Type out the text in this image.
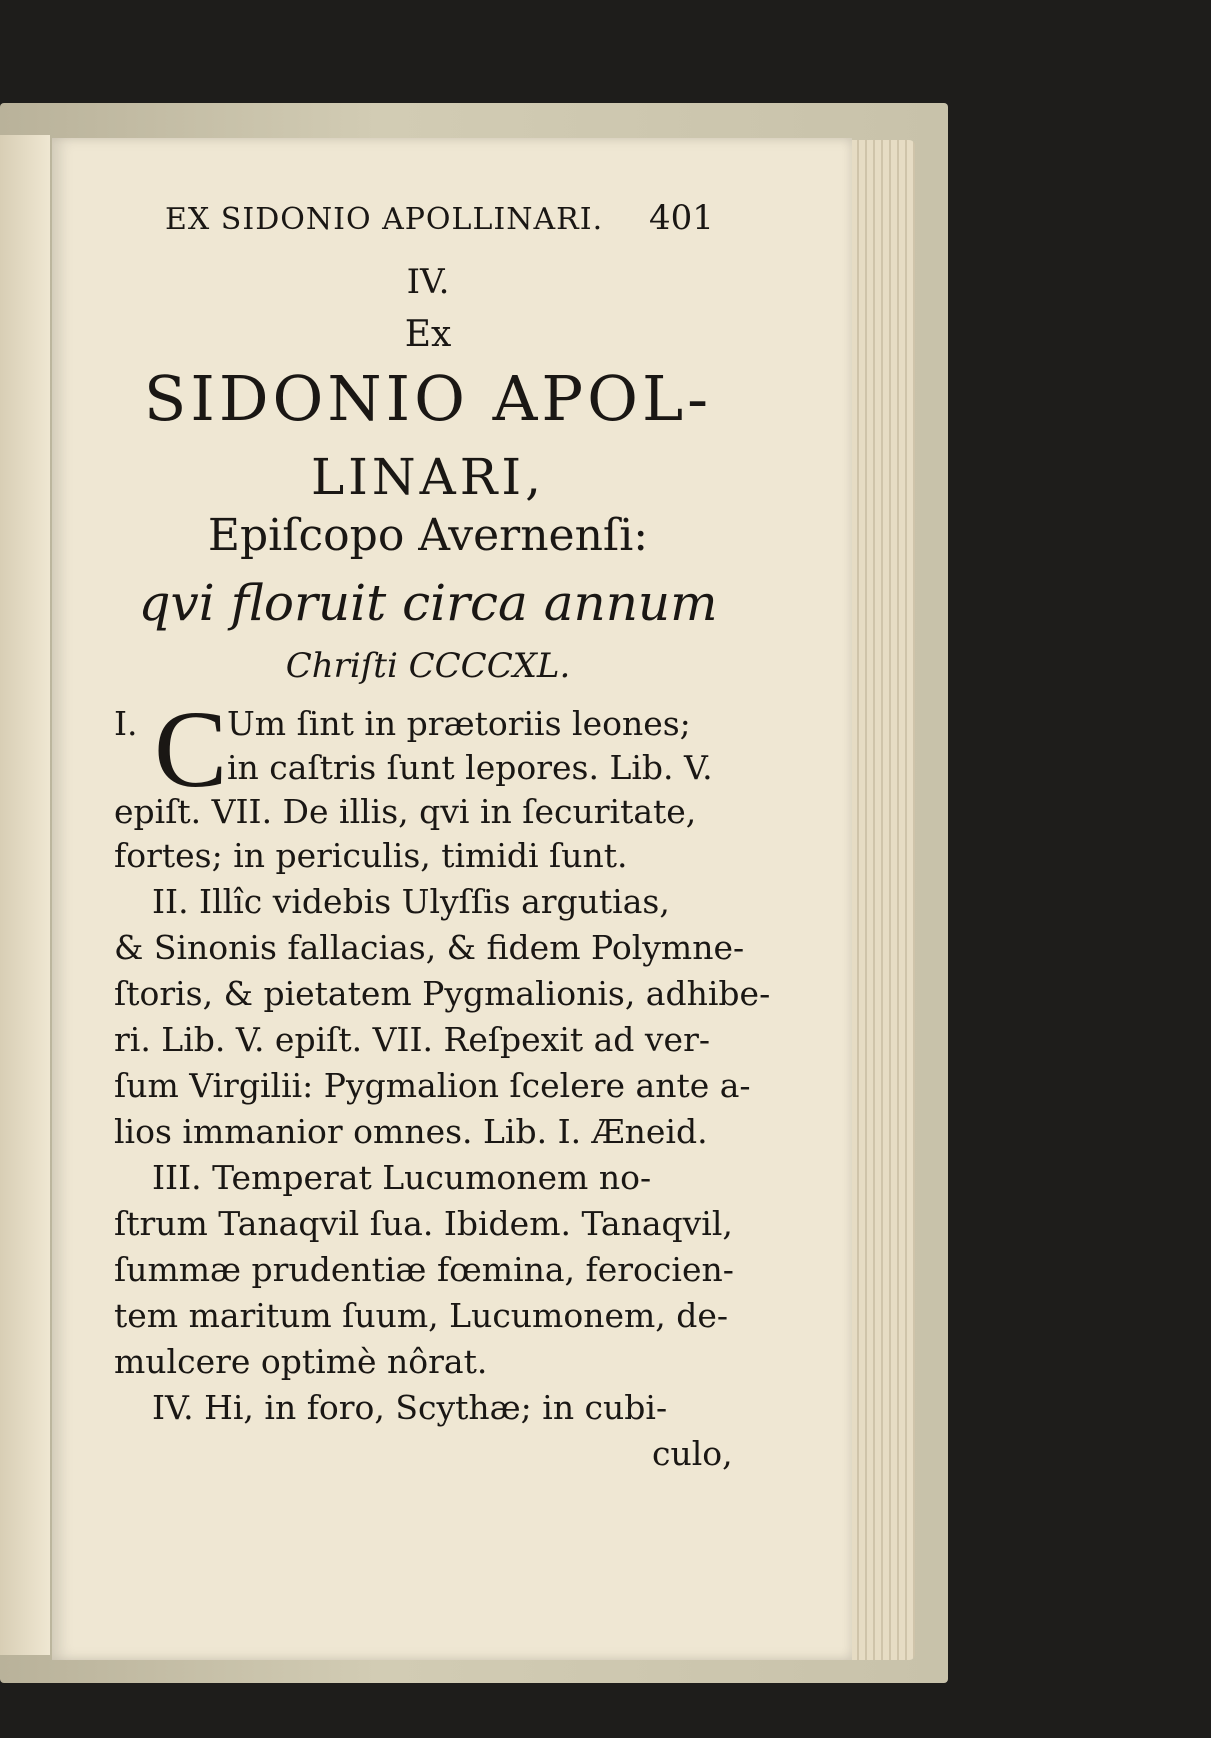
EX SIDONIO APOLLINARI. 401
IV.
Ex
SIDONIO APOL-
LINARI,
Epiſcopo Avernenſi:
qvi floruit circa annum
Chriſti CCCCXL.
I. C Um ſint in prætoriis leones;
in caſtris ſunt lepores. Lib. V.
epiſt. VII. De illis, qvi in ſecuritate,
fortes; in periculis, timidi ſunt.
II. Illîc videbis Ulyſſis argutias,
& Sinonis fallacias, & fidem Polymne-
ſtoris, & pietatem Pygmalionis, adhibe-
ri. Lib. V. epiſt. VII. Reſpexit ad ver-
ſum Virgilii: Pygmalion ſcelere ante a-
lios immanior omnes. Lib. I. Æneid.
III. Temperat Lucumonem no-
ſtrum Tanaqvil ſua. Ibidem. Tanaqvil,
ſummæ prudentiæ fœmina, ferocien-
tem maritum ſuum, Lucumonem, de-
mulcere optimè nôrat.
IV. Hi, in foro, Scythæ; in cubi-
culo,
